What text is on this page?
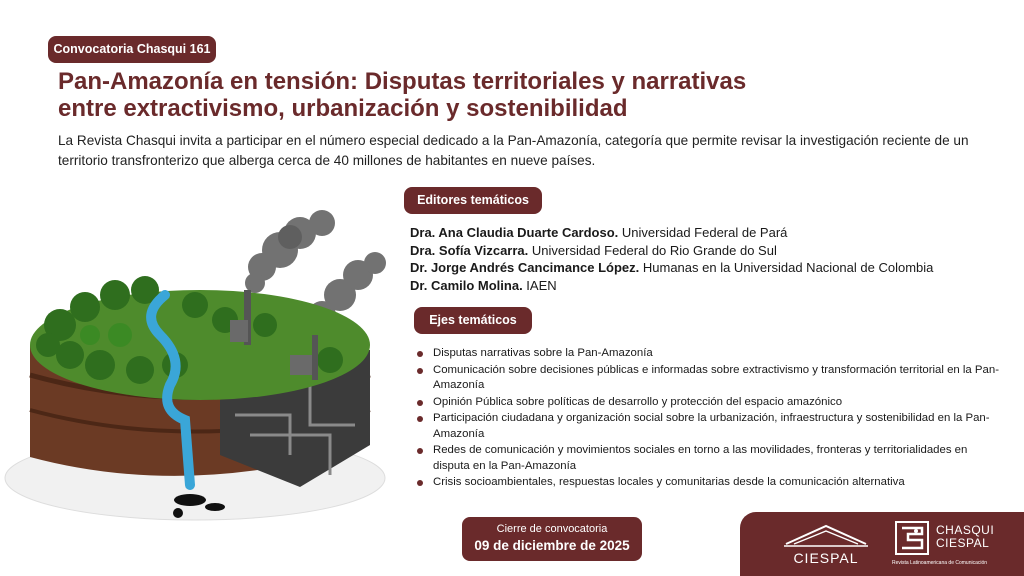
Convocatoria Chasqui 161
Pan-Amazonía en tensión: Disputas territoriales y narrativas
entre extractivismo, urbanización y sostenibilidad

La Revista Chasqui invita a participar en el número especial dedicado a la Pan-Amazonía, categoría que permite revisar la investigación reciente de un territorio transfronterizo que alberga cerca de 40 millones de habitantes en nueve países.

Editores temáticos
Dra. Ana Claudia Duarte Cardoso. Universidad Federal de Pará
Dra. Sofía Vizcarra. Universidad Federal do Rio Grande do Sul
Dr. Jorge Andrés Cancimance López. Humanas en la Universidad Nacional de Colombia
Dr. Camilo Molina. IAEN
Ejes temáticos
Disputas narrativas sobre la Pan-Amazonía
Comunicación sobre decisiones públicas e informadas sobre extractivismo y transformación territorial en la Pan-Amazonía
Opinión Pública sobre políticas de desarrollo y protección del espacio amazónico
Participación ciudadana y organización social sobre la urbanización, infraestructura y sostenibilidad en la Pan-Amazonía
Redes de comunicación y movimientos sociales en torno a las movilidades, fronteras y territorialidades en disputa en la Pan-Amazonía
Crisis socioambientales, respuestas locales y comunitarias desde la comunicación alternativa
Cierre de convocatoria
09 de diciembre de 2025
CIESPAL
CHASQUI
CIESPAL
Revista Latinoamericana de Comunicación
